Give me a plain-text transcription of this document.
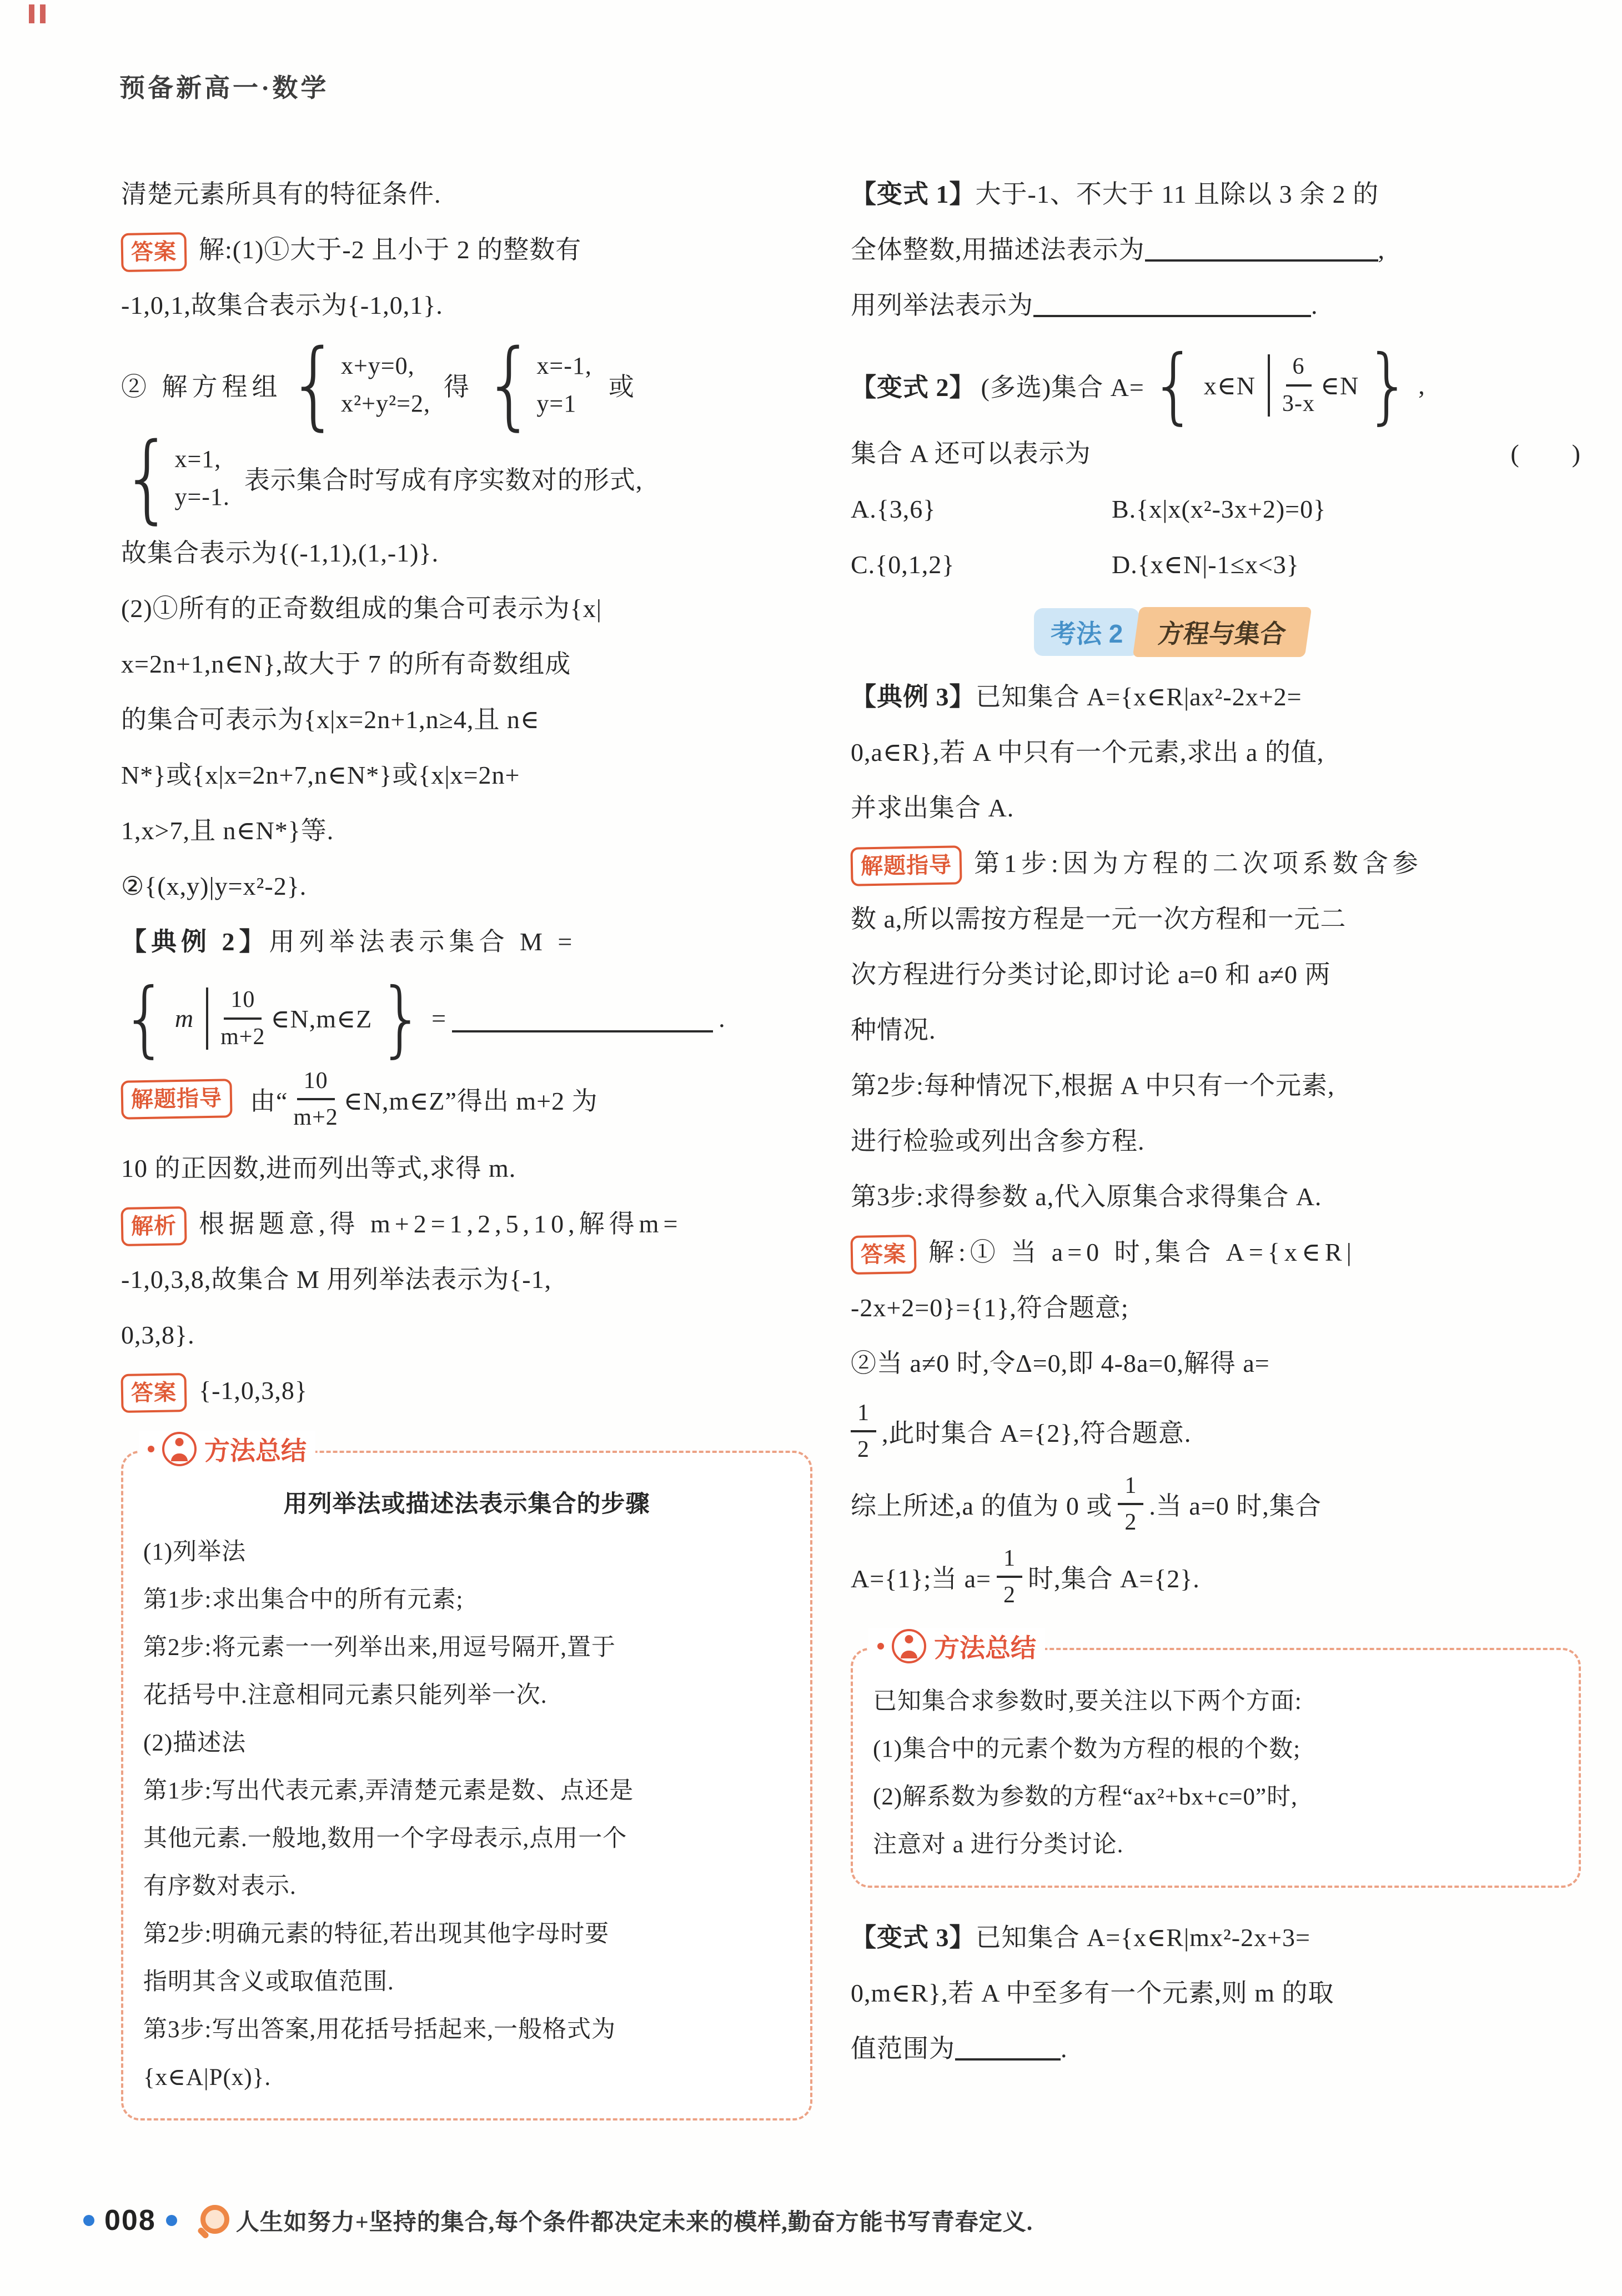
预备新高一·数学

清楚元素所具有的特征条件.

答案 解:(1)①大于-2 且小于 2 的整数有

-1,0,1,故集合表示为{-1,0,1}.

② 解方程组 { x+y=0,
x²+y²=2,
得 { x=-1,
y=1
或
{ x=1,
y=-1.
表示集合时写成有序实数对的形式,

故集合表示为{(-1,1),(1,-1)}.

(2)①所有的正奇数组成的集合可表示为{x|

x=2n+1,n∈N},故大于 7 的所有奇数组成

的集合可表示为{x|x=2n+1,n≥4,且 n∈

N*}或{x|x=2n+7,n∈N*}或{x|x=2n+

1,x>7,且 n∈N*}等.

②{(x,y)|y=x²-2}.

【典例 2】用列举法表示集合 M =

{ m $\frac{10}{m+2}$ ∈N,m∈Z } =	.
解题指导	由“ $\frac{10}{m+2}$ ∈N,m∈Z”得出 m+2 为

10 的正因数,进而列出等式,求得 m.

解析 根据题意,得 m+2=1,2,5,10,解得m=

-1,0,3,8,故集合 M 用列举法表示为{-1,

0,3,8}.

答案 {-1,0,3,8}

方法总结

用列举法或描述法表示集合的步骤

(1)列举法

第1步:求出集合中的所有元素;

第2步:将元素一一列举出来,用逗号隔开,置于

花括号中.注意相同元素只能列举一次.

(2)描述法

第1步:写出代表元素,弄清楚元素是数、点还是

其他元素.一般地,数用一个字母表示,点用一个

有序数对表示.

第2步:明确元素的特征,若出现其他字母时要

指明其含义或取值范围.

第3步:写出答案,用花括号括起来,一般格式为

{x∈A|P(x)}.

【变式 1】大于-1、不大于 11 且除以 3 余 2 的

全体整数,用描述法表示为	,

用列举法表示为	.

【变式 2】 (多选)集合 A= { x∈N $\frac{6}{3-x}$ ∈N } ,
集合 A 还可以表示为	(　　)
A.{3,6}	B.{x|x(x²-3x+2)=0}
C.{0,1,2}	D.{x∈N|-1≤x<3}
考法 2	方程与集合

【典例 3】已知集合 A={x∈R|ax²-2x+2=

0,a∈R},若 A 中只有一个元素,求出 a 的值,

并求出集合 A.

解题指导 第1步:因为方程的二次项系数含参

数 a,所以需按方程是一元一次方程和一元二

次方程进行分类讨论,即讨论 a=0 和 a≠0 两

种情况.

第2步:每种情况下,根据 A 中只有一个元素,

进行检验或列出含参方程.

第3步:求得参数 a,代入原集合求得集合 A.

答案 解:① 当 a=0 时,集合 A={x∈R|

-2x+2=0}={1},符合题意;

②当 a≠0 时,令Δ=0,即 4-8a=0,解得 a=

$\frac{1}{2}$ ,此时集合 A={2},符合题意.
综上所述,a 的值为 0 或 $\frac{1}{2}$ .当 a=0 时,集合
A={1};当 $a= \frac{1}{2}$ 时,集合 A={2}.
方法总结

已知集合求参数时,要关注以下两个方面:

(1)集合中的元素个数为方程的根的个数;

(2)解系数为参数的方程“ax²+bx+c=0”时,

注意对 a 进行分类讨论.

【变式 3】已知集合 A={x∈R|mx²-2x+3=

0,m∈R},若 A 中至多有一个元素,则 m 的取

值范围为	.

008	人生如努力+坚持的集合,每个条件都决定未来的模样,勤奋方能书写青春定义.
